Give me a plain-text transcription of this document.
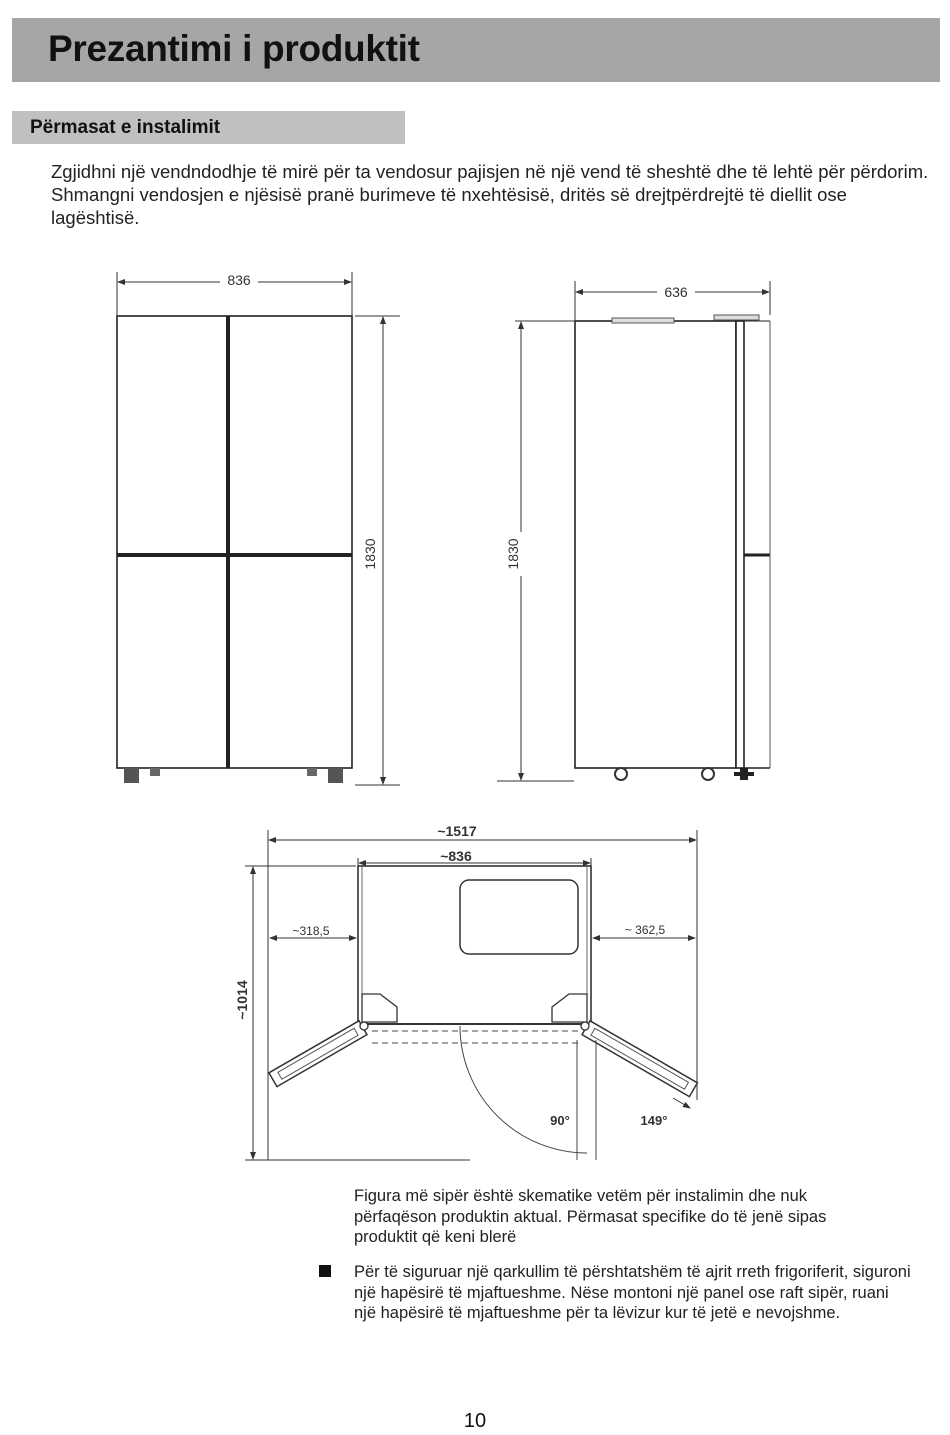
Prezantimi i produktit
Përmasat e instalimit

Zgjidhni një vendndodhje të mirë për ta vendosur pajisjen në një vend të sheshtë dhe të lehtë për përdorim. Shmangni vendosjen e njësisë pranë burimeve të nxehtësisë, dritës së drejtpërdrejtë të diellit ose lagështisë.

836
1830
636
1830
~1517
~836
~318,5	~ 362,5
~1014
90°	149°

Figura më sipër është skematike vetëm për instalimin dhe nuk përfaqëson produktin aktual. Përmasat specifike do të jenë sipas produktit që keni blerë

Për të siguruar një qarkullim të përshtatshëm të ajrit rreth frigoriferit, siguroni një hapësirë të mjaftueshme. Nëse montoni një panel ose raft sipër, ruani një hapësirë të mjaftueshme për ta lëvizur kur të jetë e nevojshme.

10
